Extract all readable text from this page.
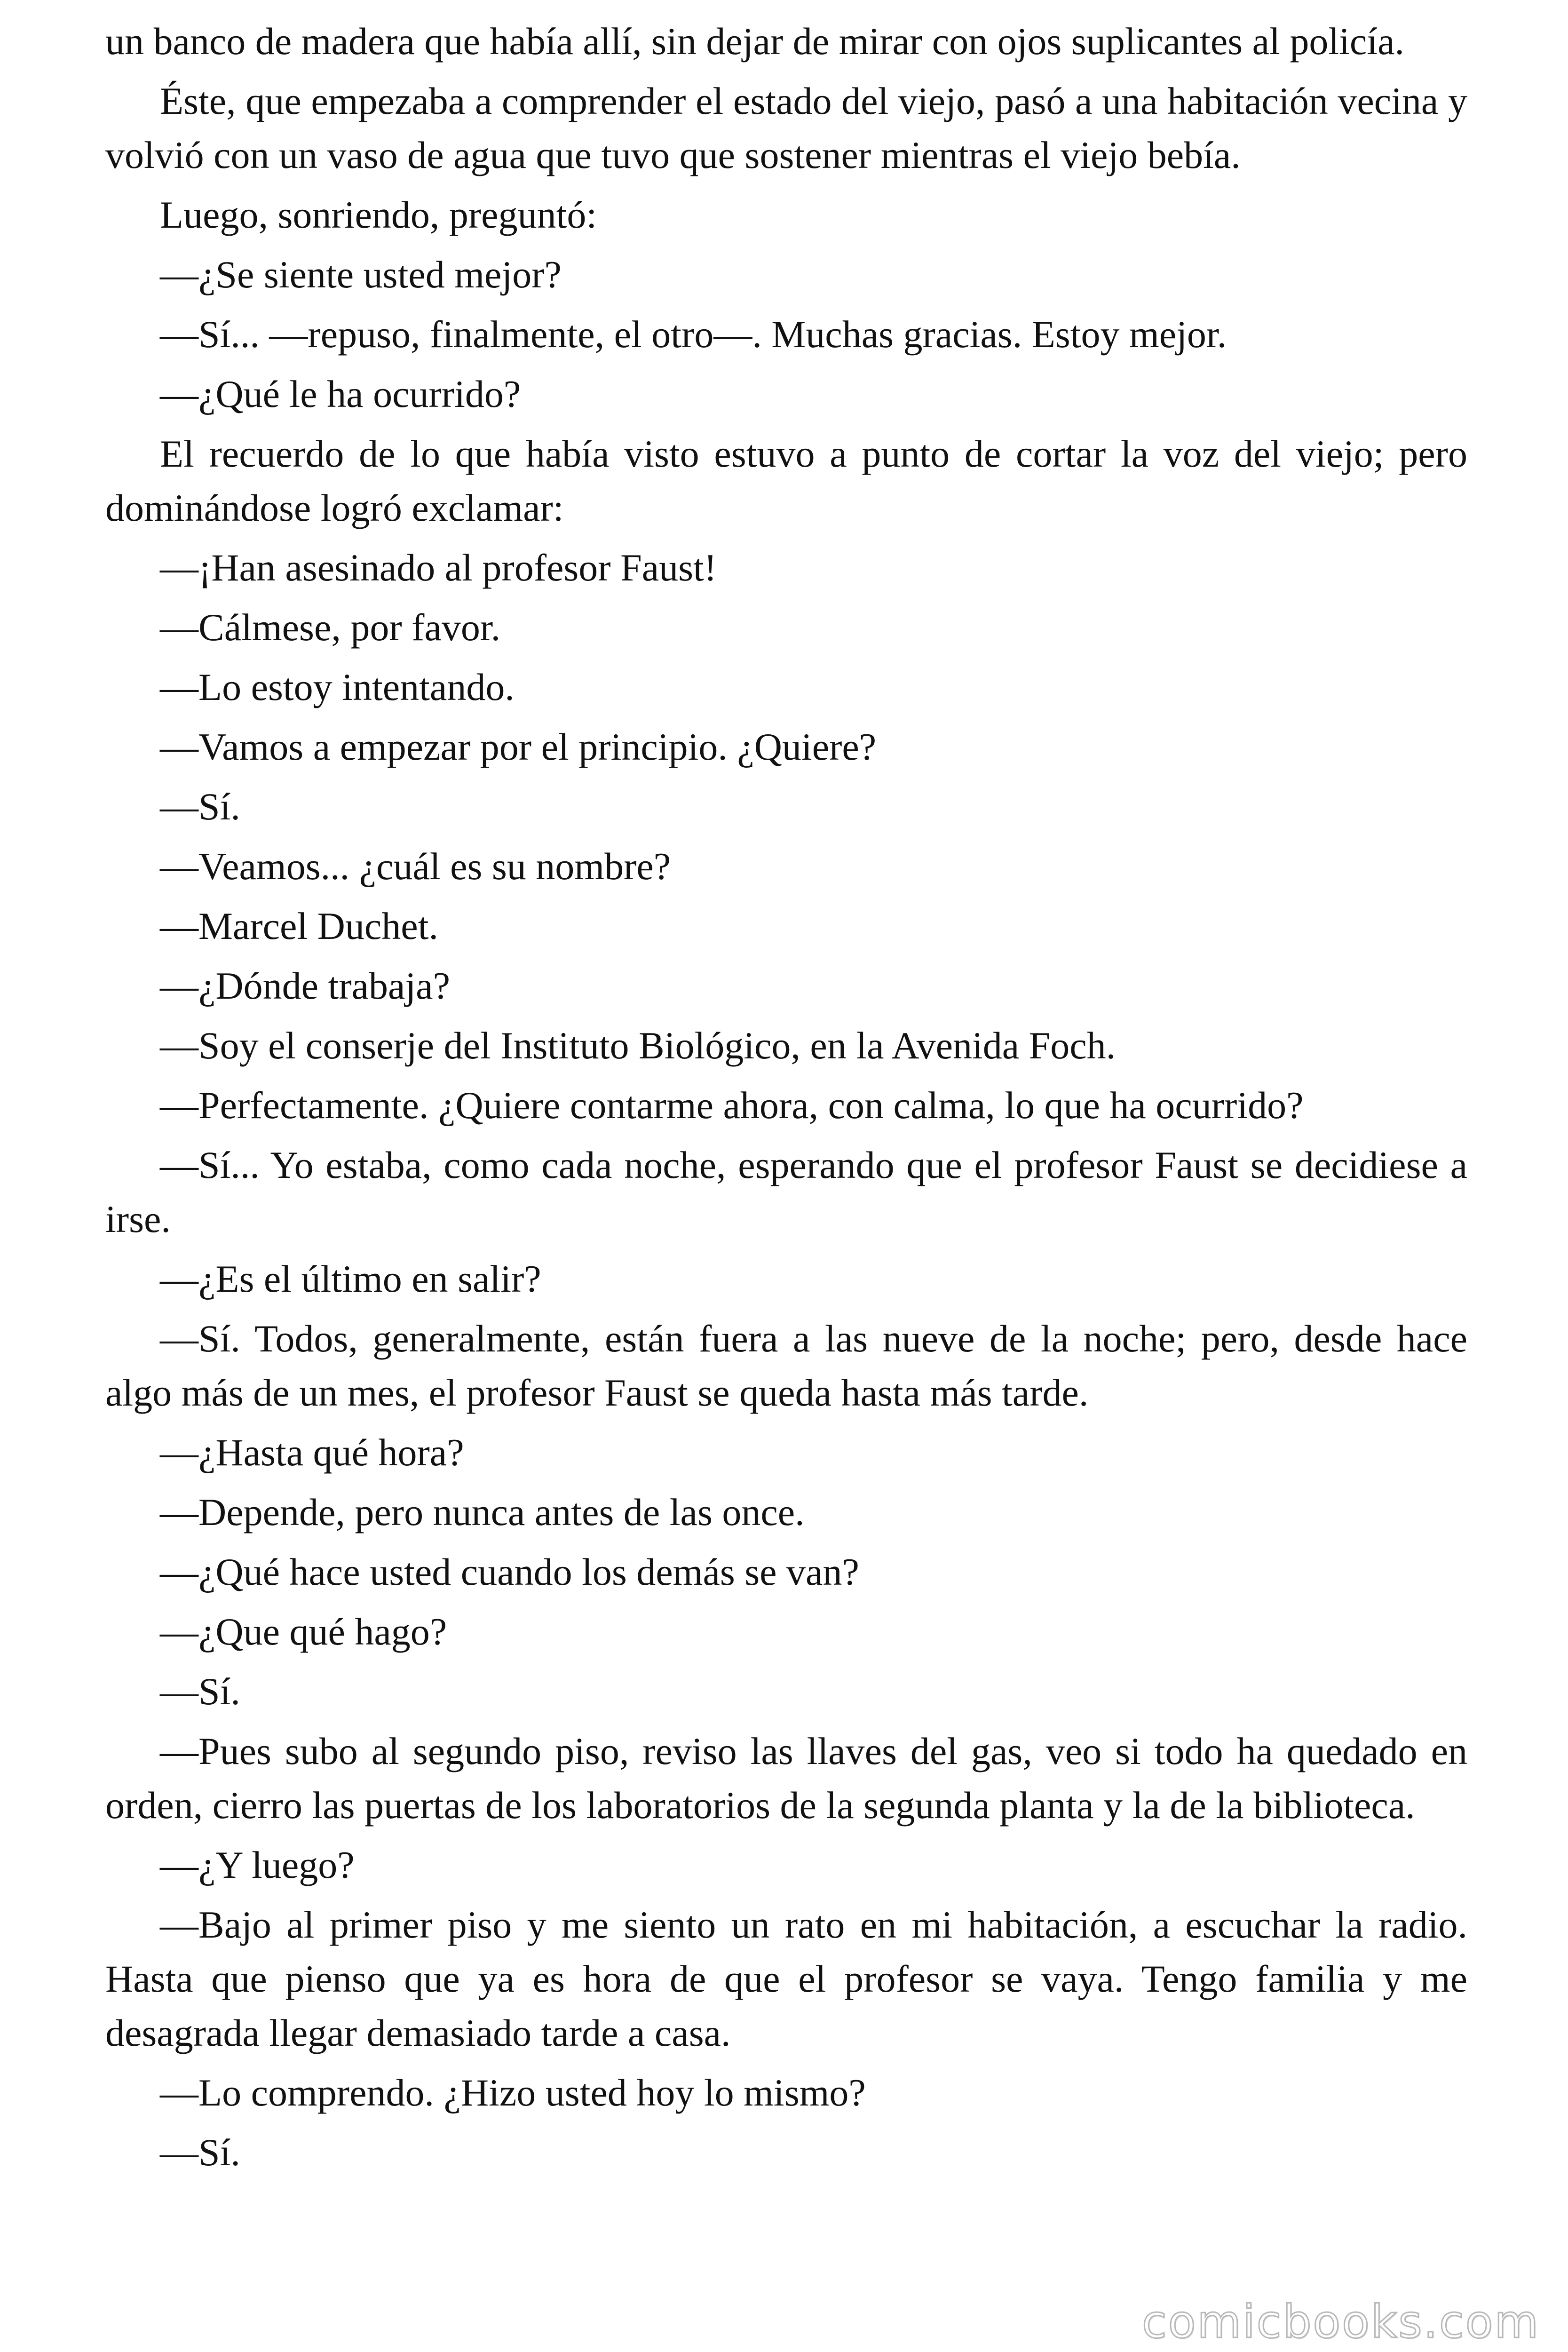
un banco de madera que había allí, sin dejar de mirar con ojos suplicantes al policía.

Éste, que empezaba a comprender el estado del viejo, pasó a una habitación vecina y volvió con un vaso de agua que tuvo que sostener mientras el viejo bebía.

Luego, sonriendo, preguntó:

—¿Se siente usted mejor?

—Sí... —repuso, finalmente, el otro—. Muchas gracias. Estoy mejor.

—¿Qué le ha ocurrido?

El recuerdo de lo que había visto estuvo a punto de cortar la voz del viejo; pero dominándose logró exclamar:

—¡Han asesinado al profesor Faust!

—Cálmese, por favor.

—Lo estoy intentando.

—Vamos a empezar por el principio. ¿Quiere?

—Sí.

—Veamos... ¿cuál es su nombre?

—Marcel Duchet.

—¿Dónde trabaja?

—Soy el conserje del Instituto Biológico, en la Avenida Foch.

—Perfectamente. ¿Quiere contarme ahora, con calma, lo que ha ocurrido?

—Sí... Yo estaba, como cada noche, esperando que el profesor Faust se decidiese a irse.

—¿Es el último en salir?

—Sí. Todos, generalmente, están fuera a las nueve de la noche; pero, desde hace algo más de un mes, el profesor Faust se queda hasta más tarde.

—¿Hasta qué hora?

—Depende, pero nunca antes de las once.

—¿Qué hace usted cuando los demás se van?

—¿Que qué hago?

—Sí.

—Pues subo al segundo piso, reviso las llaves del gas, veo si todo ha quedado en orden, cierro las puertas de los laboratorios de la segunda planta y la de la biblioteca.

—¿Y luego?

—Bajo al primer piso y me siento un rato en mi habitación, a escuchar la radio. Hasta que pienso que ya es hora de que el profesor se vaya. Tengo familia y me desagrada llegar demasiado tarde a casa.

—Lo comprendo. ¿Hizo usted hoy lo mismo?

—Sí.

comicbooks.com
